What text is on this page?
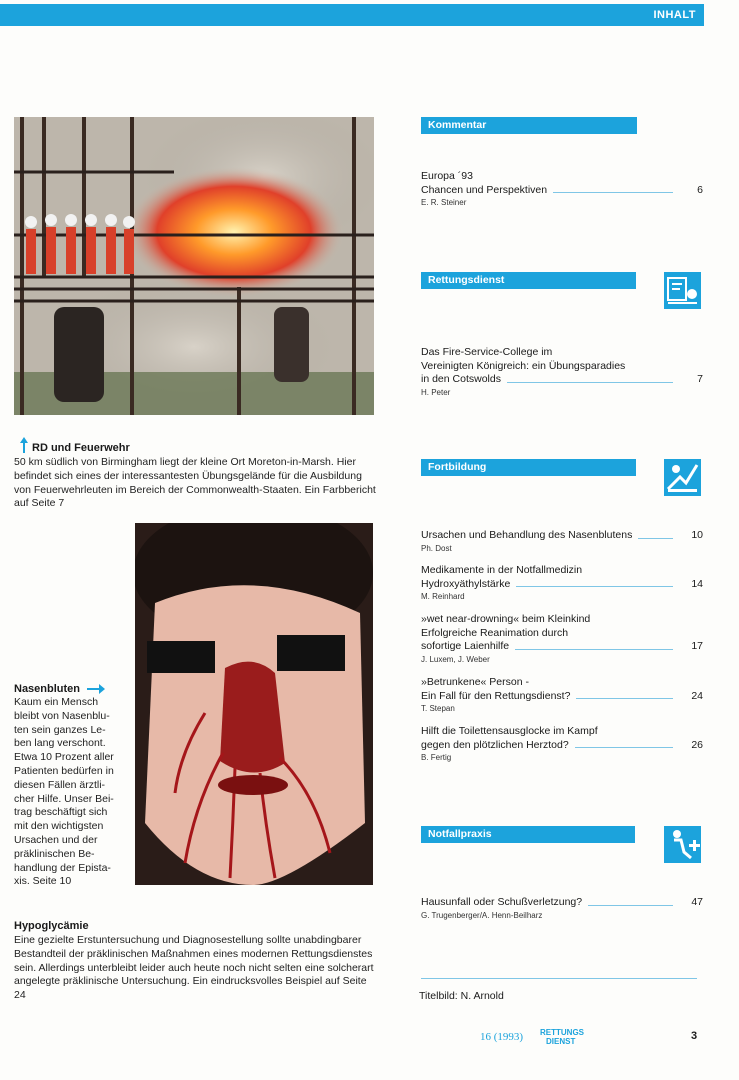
INHALT
RD und Feuerwehr
50 km südlich von Birmingham liegt der kleine Ort Moreton-in-Marsh. Hier befindet sich eines der interessantesten Übungsgelände für die Ausbildung von Feuerwehrleuten im Bereich der Commonwealth-Staaten. Ein Farbbericht auf Seite 7
Nasenbluten
Kaum ein Mensch
bleibt von Nasenblu-
ten sein ganzes Le-
ben lang verschont.
Etwa 10 Prozent aller
Patienten bedürfen in
diesen Fällen ärztli-
cher Hilfe. Unser Bei-
trag beschäftigt sich
mit den wichtigsten
Ursachen und der
präklinischen Be-
handlung der Epista-
xis. Seite 10
Hypoglycämie
Eine gezielte Erstuntersuchung und Diagnosestellung sollte unabdingbarer Bestandteil der präklinischen Maßnahmen eines modernen Rettungsdienstes sein. Allerdings unterbleibt leider auch heute noch nicht selten eine solcherart angelegte präklinische Untersuchung. Ein eindrucksvolles Beispiel auf Seite 24
Kommentar
Rettungsdienst
Fortbildung
Notfallpraxis
Europa ´93
Chancen und Perspektiven
E. R. Steiner
6
Das Fire-Service-College im
Vereinigten Königreich: ein Übungsparadies
in den Cotswolds
H. Peter
7
Ursachen und Behandlung des Nasenblutens
Ph. Dost
10
Medikamente in der Notfallmedizin
Hydroxyäthylstärke
M. Reinhard
14
»wet near-drowning« beim Kleinkind
Erfolgreiche Reanimation durch
sofortige Laienhilfe
J. Luxem, J. Weber
17
»Betrunkene« Person -
Ein Fall für den Rettungsdienst?
T. Stepan
24
Hilft die Toilettensausglocke im Kampf
gegen den plötzlichen Herztod?
B. Fertig
26
Hausunfall oder Schußverletzung?
G. Trugenberger/A. Henn-Beilharz
47
Titelbild: N. Arnold
16 (1993) RETTUNGS
DIENST	3
